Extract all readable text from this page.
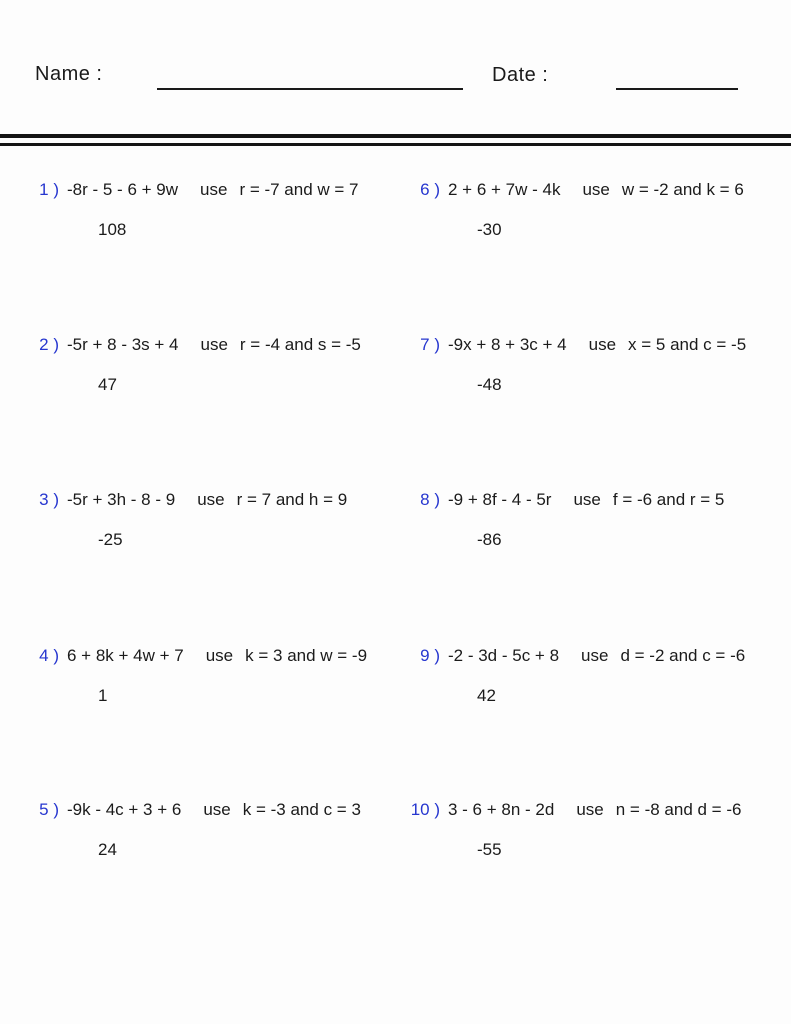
Name :	Date :
1 ) -8r - 5 - 6 + 9w use r = -7 and w = 7
108
2 ) -5r + 8 - 3s + 4 use r = -4 and s = -5
47
3 ) -5r + 3h - 8 - 9 use r = 7 and h = 9
-25
4 ) 6 + 8k + 4w + 7 use k = 3 and w = -9
1
5 ) -9k - 4c + 3 + 6 use k = -3 and c = 3
24
6 ) 2 + 6 + 7w - 4k use w = -2 and k = 6
-30
7 ) -9x + 8 + 3c + 4 use x = 5 and c = -5
-48
8 ) -9 + 8f - 4 - 5r use f = -6 and r = 5
-86
9 ) -2 - 3d - 5c + 8 use d = -2 and c = -6
42
10 ) 3 - 6 + 8n - 2d use n = -8 and d = -6
-55
